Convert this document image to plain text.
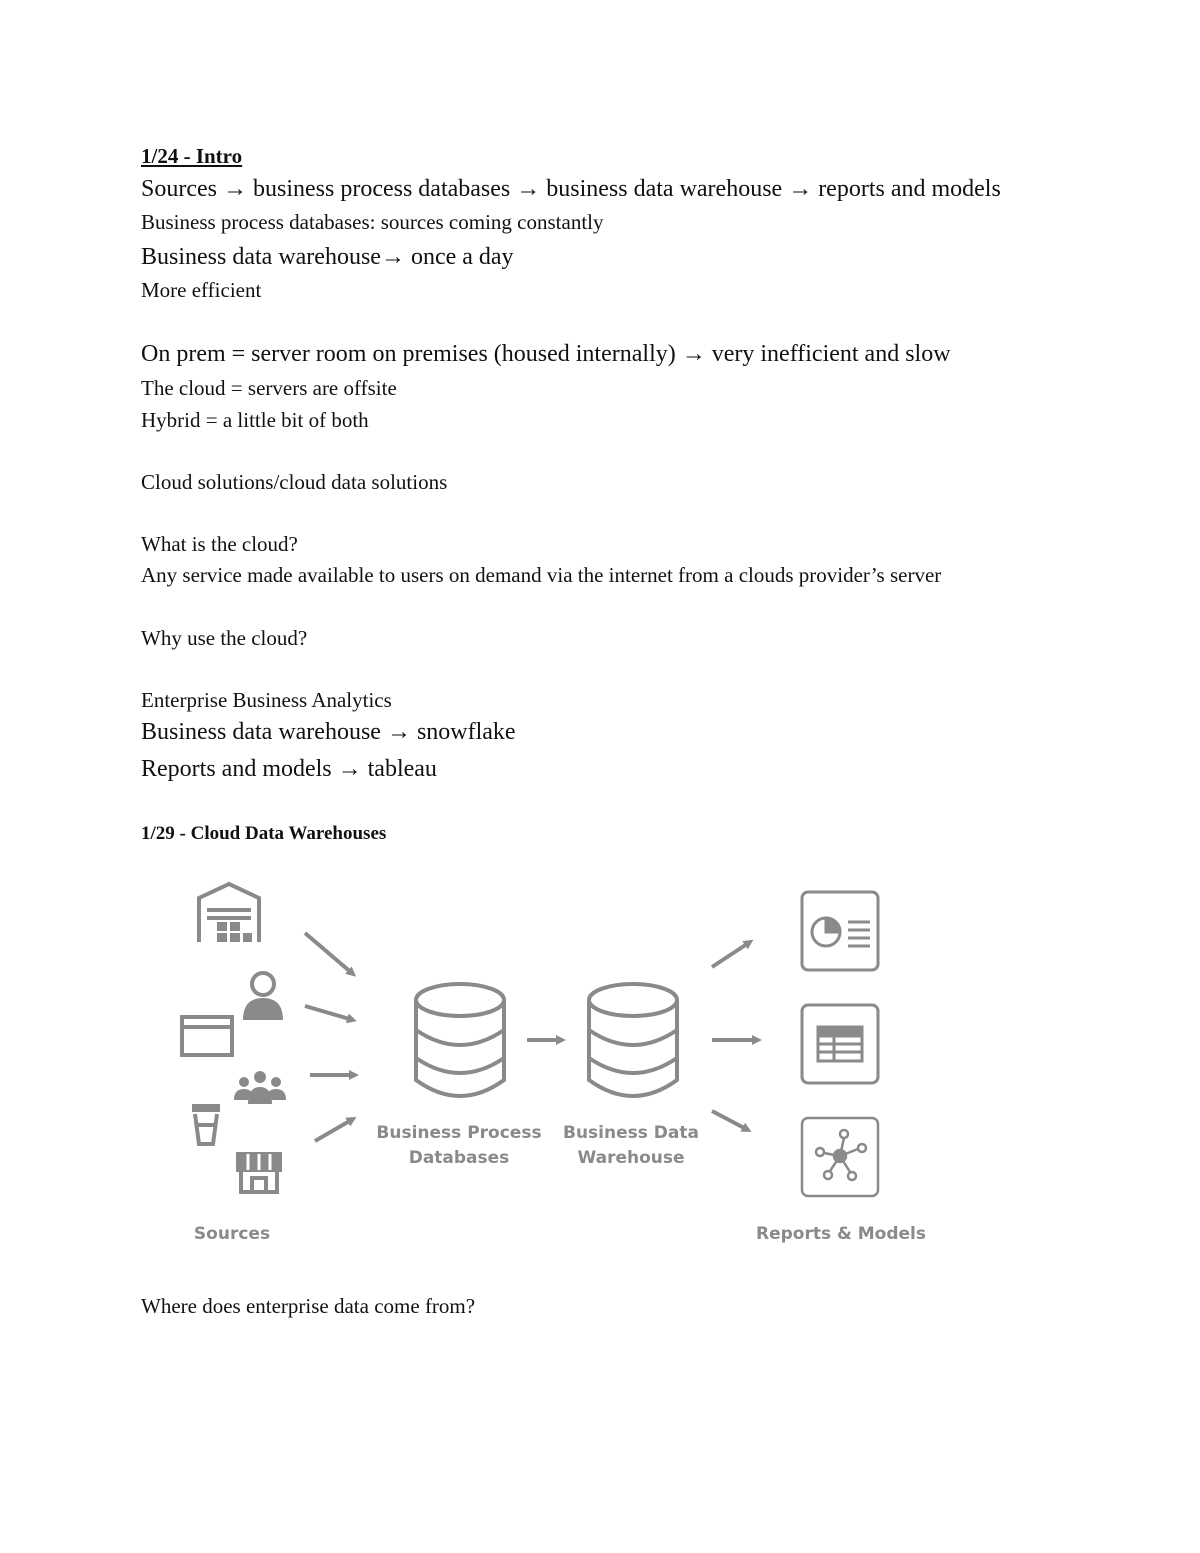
1/24 - Intro
Sources → business process databases → business data warehouse → reports and models
Business process databases: sources coming constantly
Business data warehouse→ once a day
More efficient
On prem = server room on premises (housed internally) → very inefficient and slow
The cloud = servers are offsite
Hybrid = a little bit of both
Cloud solutions/cloud data solutions
What is the cloud?
Any service made available to users on demand via the internet from a clouds provider’s server
Why use the cloud?
Enterprise Business Analytics
Business data warehouse → snowflake
Reports and models → tableau
1/29 - Cloud Data Warehouses
Business Process
Databases
Business Data
Warehouse
Sources	Reports & Models
Where does enterprise data come from?
